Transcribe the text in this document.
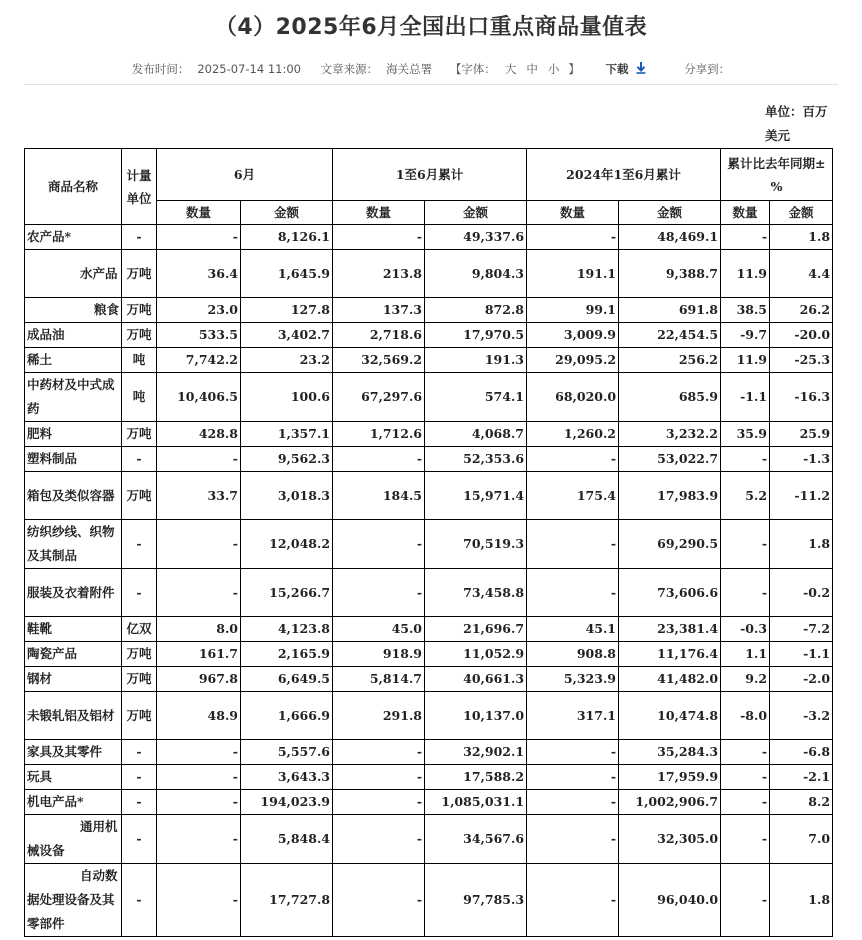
（4）2025年6月全国出口重点商品量值表
发布时间： 2025-07-14 11:00 文章来源： 海关总署 【字体： 大 中 小 】 下载	分享到：

单位：百万美元
商品名称	计量单位	6月		1至6月累计		2024年1至6月累计		累计比去年同期±%	
		数量	金额	数量	金额	数量	金额	数量	金额
农产品*	-	-	8,126.1	-	49,337.6	-	48,469.1	-	1.8
水产品	万吨	36.4	1,645.9	213.8	9,804.3	191.1	9,388.7	11.9	4.4
粮食	万吨	23.0	127.8	137.3	872.8	99.1	691.8	38.5	26.2
成品油	万吨	533.5	3,402.7	2,718.6	17,970.5	3,009.9	22,454.5	-9.7	-20.0
稀土	吨	7,742.2	23.2	32,569.2	191.3	29,095.2	256.2	11.9	-25.3
中药材及中式成药	吨	10,406.5	100.6	67,297.6	574.1	68,020.0	685.9	-1.1	-16.3
肥料	万吨	428.8	1,357.1	1,712.6	4,068.7	1,260.2	3,232.2	35.9	25.9
塑料制品	-	-	9,562.3	-	52,353.6	-	53,022.7	-	-1.3
箱包及类似容器	万吨	33.7	3,018.3	184.5	15,971.4	175.4	17,983.9	5.2	-11.2
纺织纱线、织物及其制品	-	-	12,048.2	-	70,519.3	-	69,290.5	-	1.8
服装及衣着附件	-	-	15,266.7	-	73,458.8	-	73,606.6	-	-0.2
鞋靴	亿双	8.0	4,123.8	45.0	21,696.7	45.1	23,381.4	-0.3	-7.2
陶瓷产品	万吨	161.7	2,165.9	918.9	11,052.9	908.8	11,176.4	1.1	-1.1
钢材	万吨	967.8	6,649.5	5,814.7	40,661.3	5,323.9	41,482.0	9.2	-2.0
未锻轧铝及铝材	万吨	48.9	1,666.9	291.8	10,137.0	317.1	10,474.8	-8.0	-3.2
家具及其零件	-	-	5,557.6	-	32,902.1	-	35,284.3	-	-6.8
玩具	-	-	3,643.3	-	17,588.2	-	17,959.9	-	-2.1
机电产品*	-	-	194,023.9	-	1,085,031.1	-	1,002,906.7	-	8.2
通用机械设备	-	-	5,848.4	-	34,567.6	-	32,305.0	-	7.0
自动数据处理设备及其零部件	-	-	17,727.8	-	97,785.3	-	96,040.0	-	1.8
